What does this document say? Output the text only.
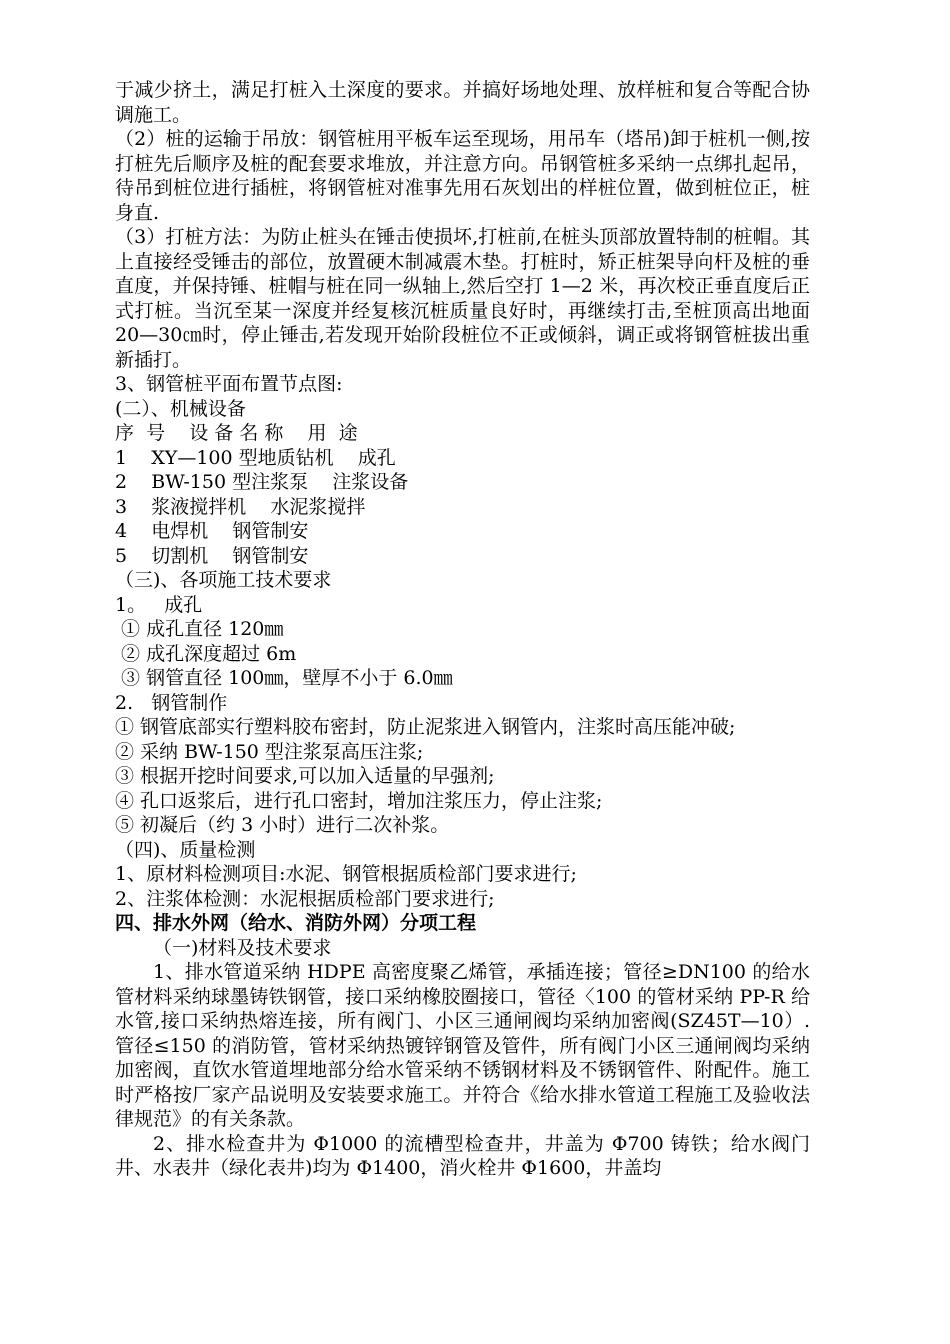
于减少挤土，满足打桩入土深度的要求。并搞好场地处理、放样桩和复合等配合协调施工。

（2）桩的运输于吊放：钢管桩用平板车运至现场，用吊车（塔吊)卸于桩机一侧,按打桩先后顺序及桩的配套要求堆放，并注意方向。吊钢管桩多采纳一点绑扎起吊，待吊到桩位进行插桩，将钢管桩对准事先用石灰划出的样桩位置，做到桩位正，桩身直.

（3）打桩方法：为防止桩头在锤击使损坏,打桩前,在桩头顶部放置特制的桩帽。其上直接经受锤击的部位，放置硬木制减震木垫。打桩时，矫正桩架导向杆及桩的垂直度，并保持锤、桩帽与桩在同一纵轴上,然后空打 1—2 米，再次校正垂直度后正式打桩。当沉至某一深度并经复核沉桩质量良好时，再继续打击,至桩顶高出地面 20—30㎝时，停止锤击,若发现开始阶段桩位不正或倾斜，调正或将钢管桩拔出重新插打。

3、钢管桩平面布置节点图:

(二）、机械设备

序  号    设 备 名 称    用  途

1    XY—100 型地质钻机    成孔

2    BW-150 型注浆泵    注浆设备

3    浆液搅拌机    水泥浆搅拌

4    电焊机    钢管制安

5    切割机    钢管制安

（三)、各项施工技术要求

1。   成孔

① 成孔直径 120㎜

② 成孔深度超过 6m

③ 钢管直径 100㎜，壁厚不小于 6.0㎜

2.   钢管制作

① 钢管底部实行塑料胶布密封，防止泥浆进入钢管内，注浆时高压能冲破;

② 采纳 BW-150 型注浆泵高压注浆;

③ 根据开挖时间要求,可以加入适量的早强剂;

④ 孔口返浆后，进行孔口密封，增加注浆压力，停止注浆;

⑤ 初凝后（约 3 小时）进行二次补浆。

（四)、质量检测

1、原材料检测项目:水泥、钢管根据质检部门要求进行;

2、注浆体检测：水泥根据质检部门要求进行;

四、排水外网（给水、消防外网）分项工程

（一)材料及技术要求

1、排水管道采纳 HDPE 高密度聚乙烯管，承插连接；管径≥DN100 的给水管材料采纳球墨铸铁钢管，接口采纳橡胶圈接口，管径〈100 的管材采纳 PP-R 给水管,接口采纳热熔连接，所有阀门、小区三通闸阀均采纳加密阀(SZ45T—10）.管径≤150 的消防管，管材采纳热镀锌钢管及管件，所有阀门小区三通闸阀均采纳加密阀，直饮水管道埋地部分给水管采纳不锈钢材料及不锈钢管件、附配件。施工时严格按厂家产品说明及安装要求施工。并符合《给水排水管道工程施工及验收法律规范》的有关条款。

2、排水检查井为 Φ1000 的流槽型检查井，井盖为 Φ700 铸铁；给水阀门井、水表井（绿化表井)均为 Φ1400，消火栓井 Φ1600，井盖均
